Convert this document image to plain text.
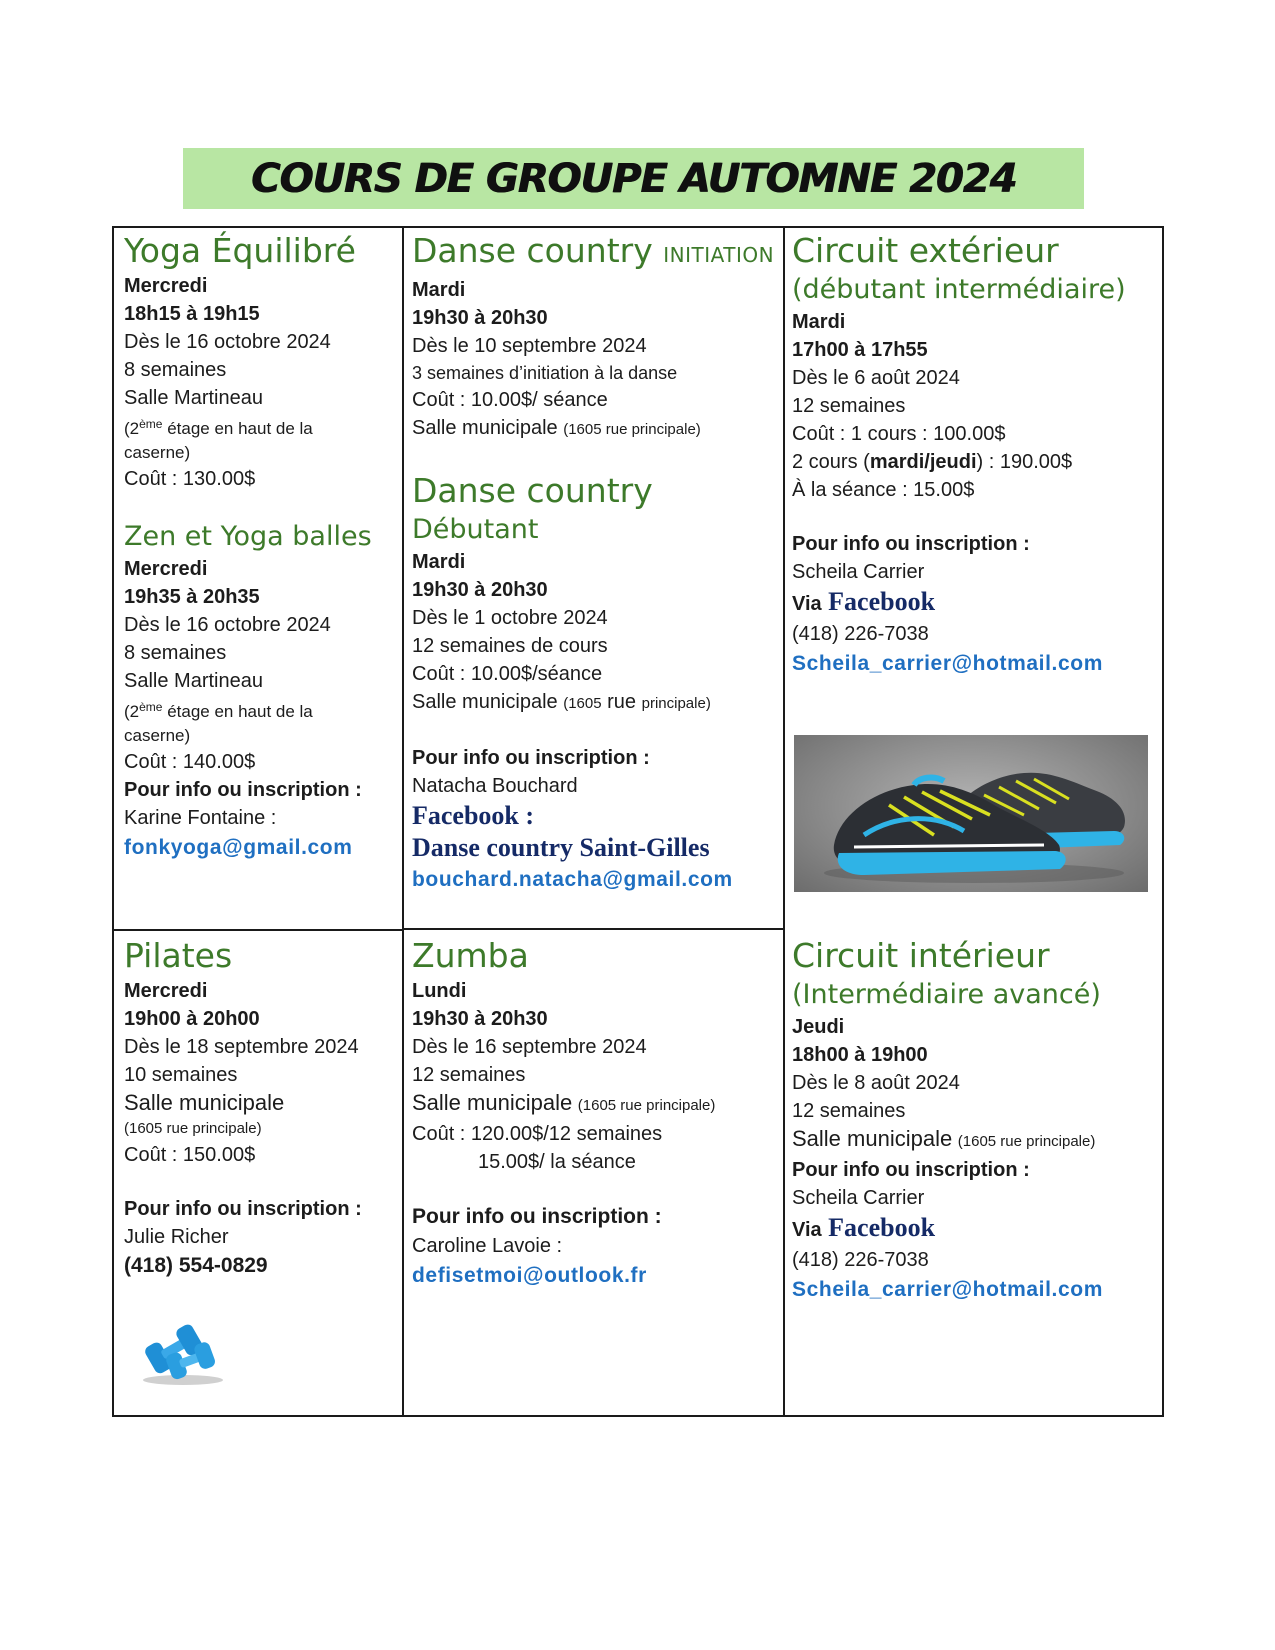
COURS DE GROUPE AUTOMNE 2024
Yoga Équilibré
Mercredi
18h15 à 19h15
Dès le 16 octobre 2024
8 semaines
Salle Martineau
(2ème étage en haut de la
caserne)
Coût : 130.00$
Zen et Yoga balles
Mercredi
19h35 à 20h35
Dès le 16 octobre 2024
8 semaines
Salle Martineau
(2ème étage en haut de la
caserne)
Coût : 140.00$
Pour info ou inscription :
Karine Fontaine :
fonkyoga@gmail.com
Danse country INITIATION
Mardi
19h30 à 20h30
Dès le 10 septembre 2024
3 semaines d’initiation à la danse
Coût : 10.00$/ séance
Salle municipale (1605 rue principale)
Danse country
Débutant
Mardi
19h30 à 20h30
Dès le 1 octobre 2024
12 semaines de cours
Coût : 10.00$/séance
Salle municipale (1605 rue principale)
Pour info ou inscription :
Natacha Bouchard
Facebook :
Danse country Saint-Gilles
bouchard.natacha@gmail.com
Circuit extérieur
(débutant intermédiaire)
Mardi
17h00 à 17h55
Dès le 6 août 2024
12 semaines
Coût : 1 cours : 100.00$
2 cours (mardi/jeudi) : 190.00$
À la séance : 15.00$
Pour info ou inscription :
Scheila Carrier
Via Facebook
(418) 226-7038
Scheila_carrier@hotmail.com
Pilates
Mercredi
19h00 à 20h00
Dès le 18 septembre 2024
10 semaines
Salle municipale
(1605 rue principale)
Coût : 150.00$
Pour info ou inscription :
Julie Richer
(418) 554-0829
Zumba
Lundi
19h30 à 20h30
Dès le 16 septembre 2024
12 semaines
Salle municipale (1605 rue principale)
Coût : 120.00$/12 semaines
15.00$/ la séance
Pour info ou inscription :
Caroline Lavoie :
defisetmoi@outlook.fr
Circuit intérieur
(Intermédiaire avancé)
Jeudi
18h00 à 19h00
Dès le 8 août 2024
12 semaines
Salle municipale (1605 rue principale)
Pour info ou inscription :
Scheila Carrier
Via Facebook
(418) 226-7038
Scheila_carrier@hotmail.com
